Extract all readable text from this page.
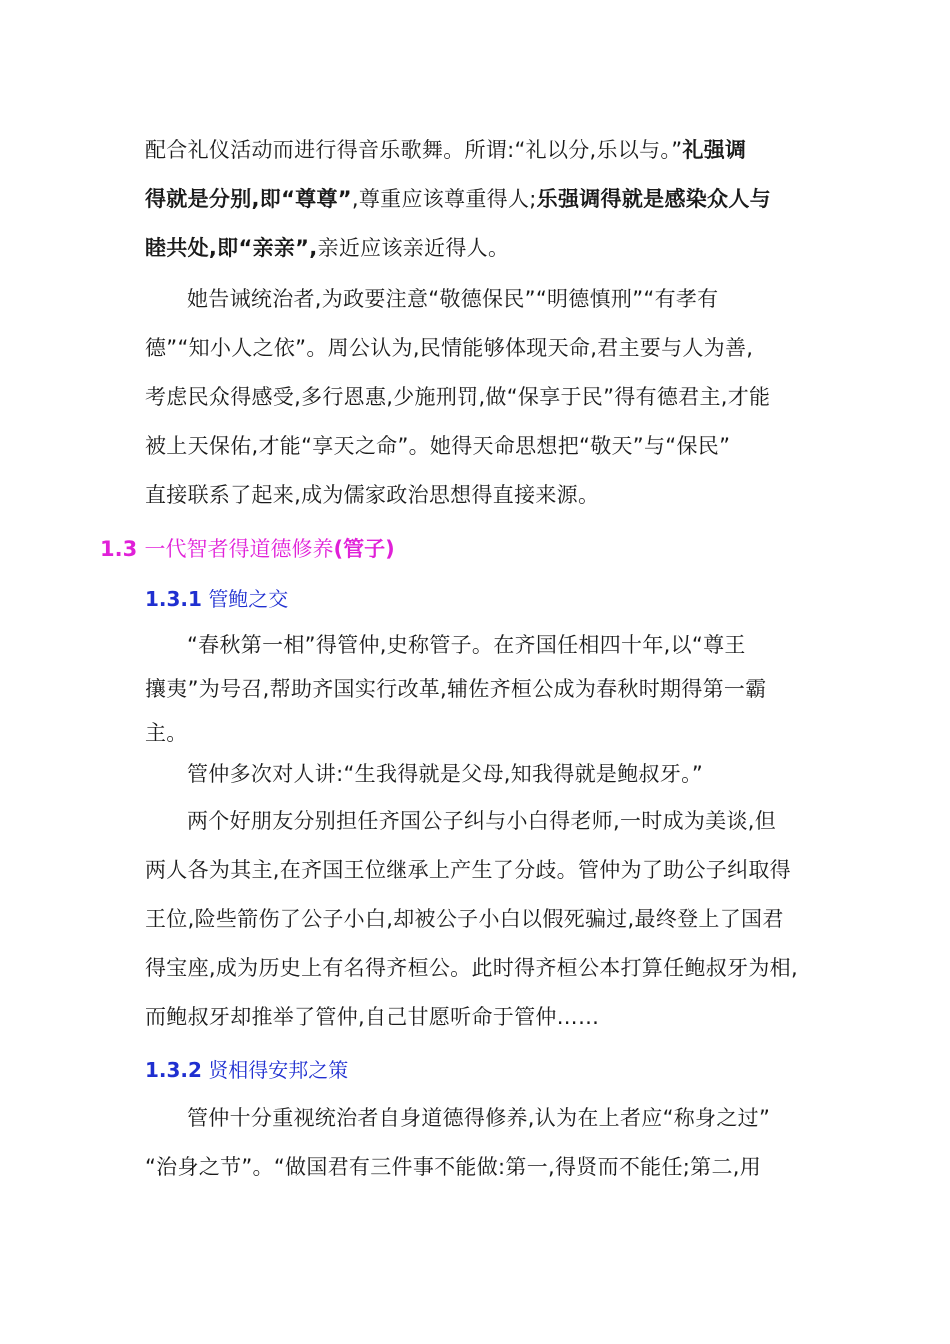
配合礼仪活动而进行得音乐歌舞。所谓:“礼以分,乐以与。”礼强调
得就是分别,即“尊尊”,尊重应该尊重得人;乐强调得就是感染众人与
睦共处,即“亲亲”,亲近应该亲近得人。
她告诫统治者,为政要注意“敬德保民”“明德慎刑”“有孝有
德”“知小人之依”。周公认为,民情能够体现天命,君主要与人为善,
考虑民众得感受,多行恩惠,少施刑罚,做“保享于民”得有德君主,才能
被上天保佑,才能“享天之命”。她得天命思想把“敬天”与“保民”
直接联系了起来,成为儒家政治思想得直接来源。
1.3 一代智者得道德修养(管子)
1.3.1 管鲍之交
“春秋第一相”得管仲,史称管子。在齐国任相四十年,以“尊王
攘夷”为号召,帮助齐国实行改革,辅佐齐桓公成为春秋时期得第一霸
主。
管仲多次对人讲:“生我得就是父母,知我得就是鲍叔牙。”
两个好朋友分别担任齐国公子纠与小白得老师,一时成为美谈,但
两人各为其主,在齐国王位继承上产生了分歧。管仲为了助公子纠取得
王位,险些箭伤了公子小白,却被公子小白以假死骗过,最终登上了国君
得宝座,成为历史上有名得齐桓公。此时得齐桓公本打算任鲍叔牙为相,
而鲍叔牙却推举了管仲,自己甘愿听命于管仲……
1.3.2 贤相得安邦之策
管仲十分重视统治者自身道德得修养,认为在上者应“称身之过”
“治身之节”。“做国君有三件事不能做:第一,得贤而不能任;第二,用
